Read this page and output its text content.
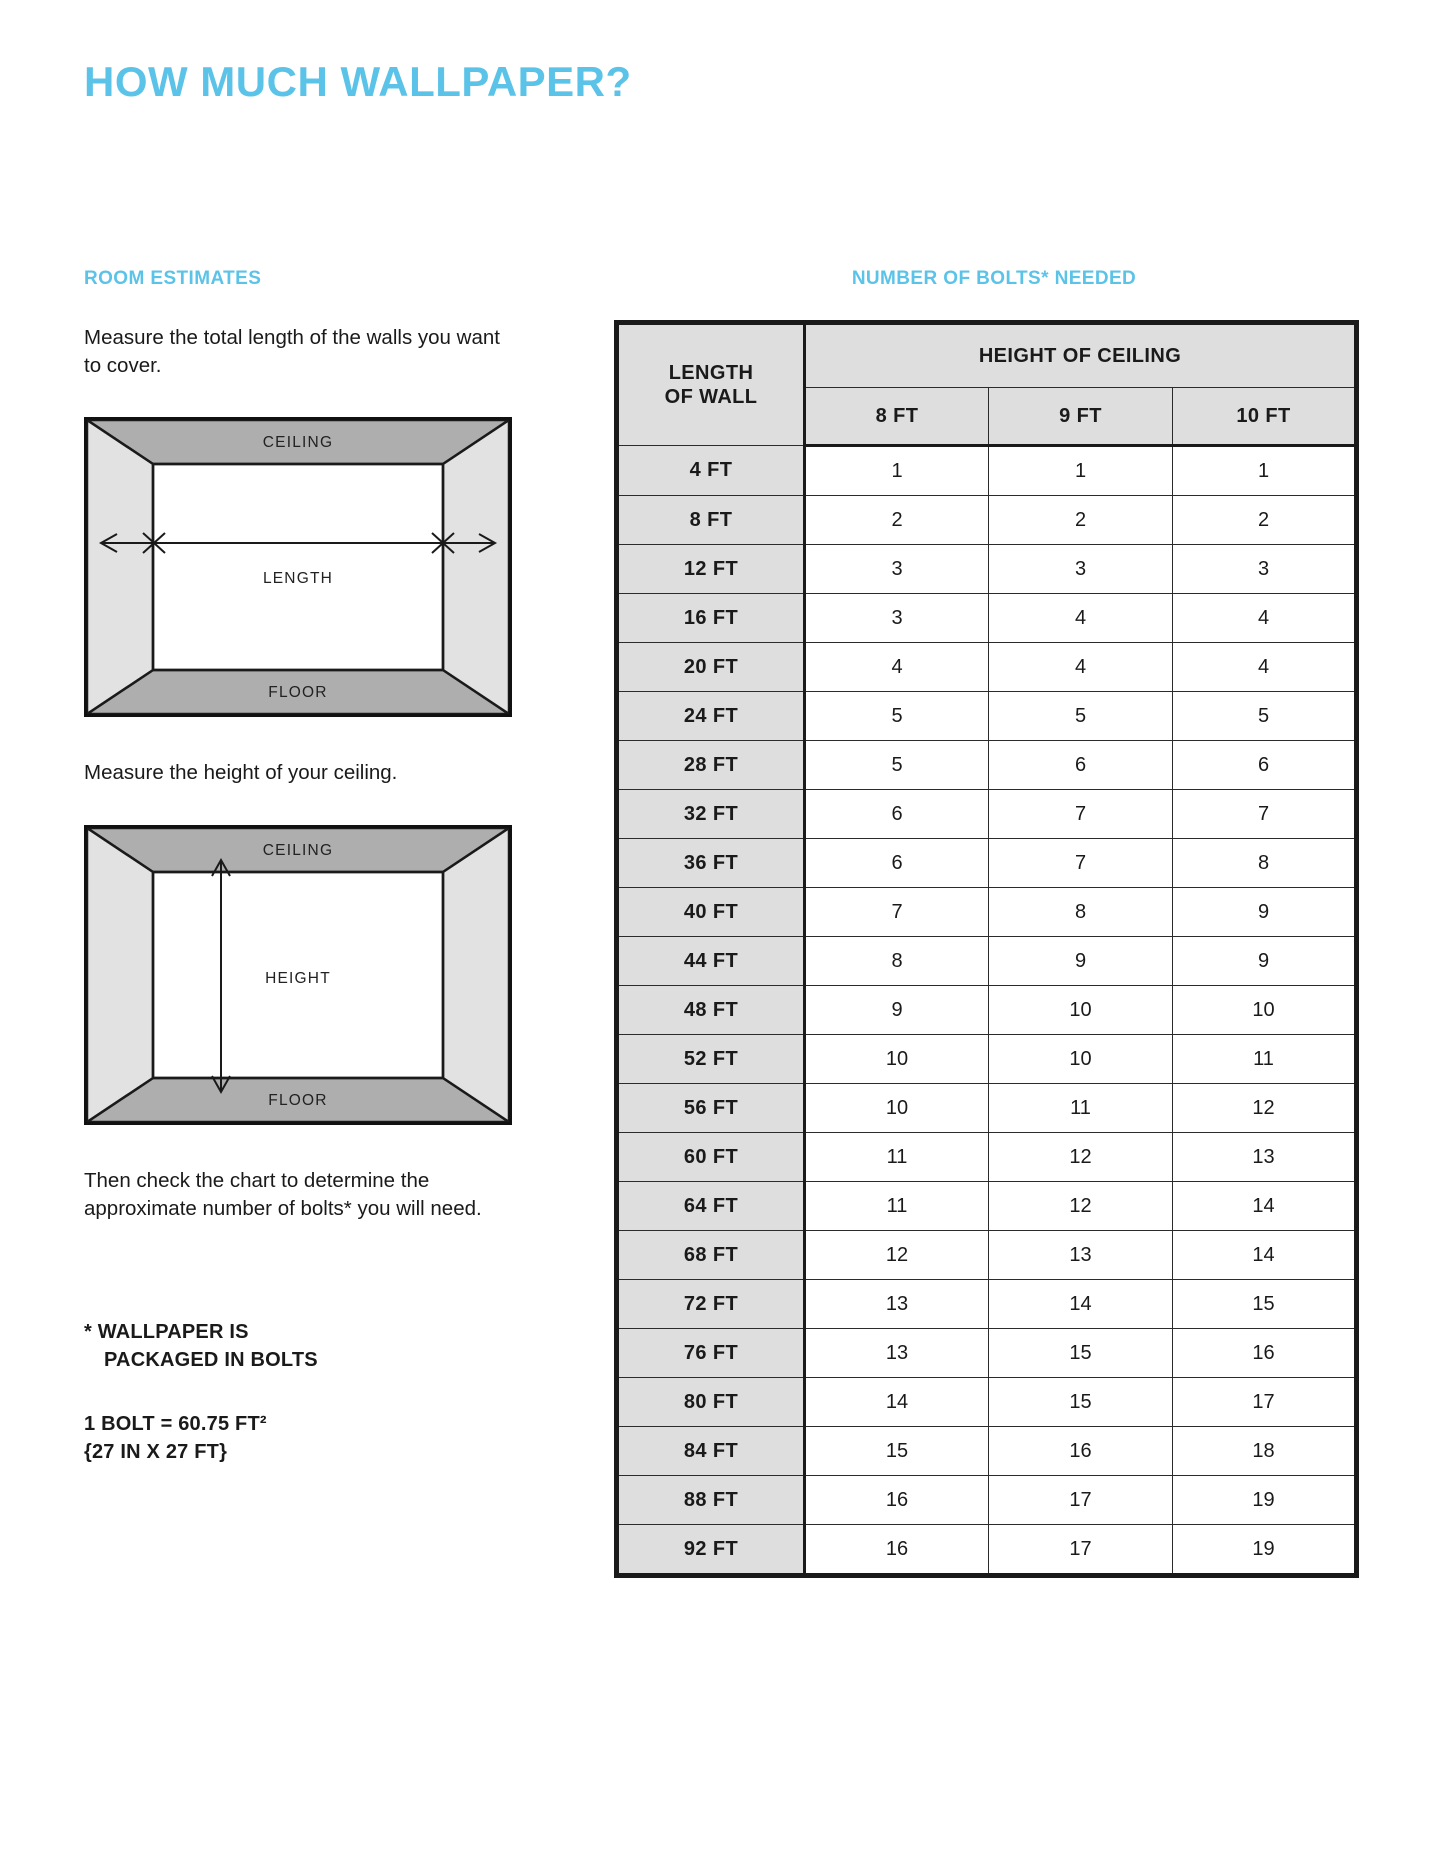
HOW MUCH WALLPAPER?
ROOM ESTIMATES

Measure the total length of the walls you want to cover.

CEILING
FLOOR
LENGTH

Measure the height of your ceiling.

CEILING
FLOOR
HEIGHT

Then check the chart to determine the approximate number of bolts* you will need.

* WALLPAPER IS
PACKAGED IN BOLTS
1 BOLT = 60.75 FT²
{27 IN X 27 FT}
NUMBER OF BOLTS* NEEDED
LENGTH
OF WALL	HEIGHT OF CEILING		
	8 FT	9 FT	10 FT
4 FT	1	1	1
8 FT	2	2	2
12 FT	3	3	3
16 FT	3	4	4
20 FT	4	4	4
24 FT	5	5	5
28 FT	5	6	6
32 FT	6	7	7
36 FT	6	7	8
40 FT	7	8	9
44 FT	8	9	9
48 FT	9	10	10
52 FT	10	10	11
56 FT	10	11	12
60 FT	11	12	13
64 FT	11	12	14
68 FT	12	13	14
72 FT	13	14	15
76 FT	13	15	16
80 FT	14	15	17
84 FT	15	16	18
88 FT	16	17	19
92 FT	16	17	19
